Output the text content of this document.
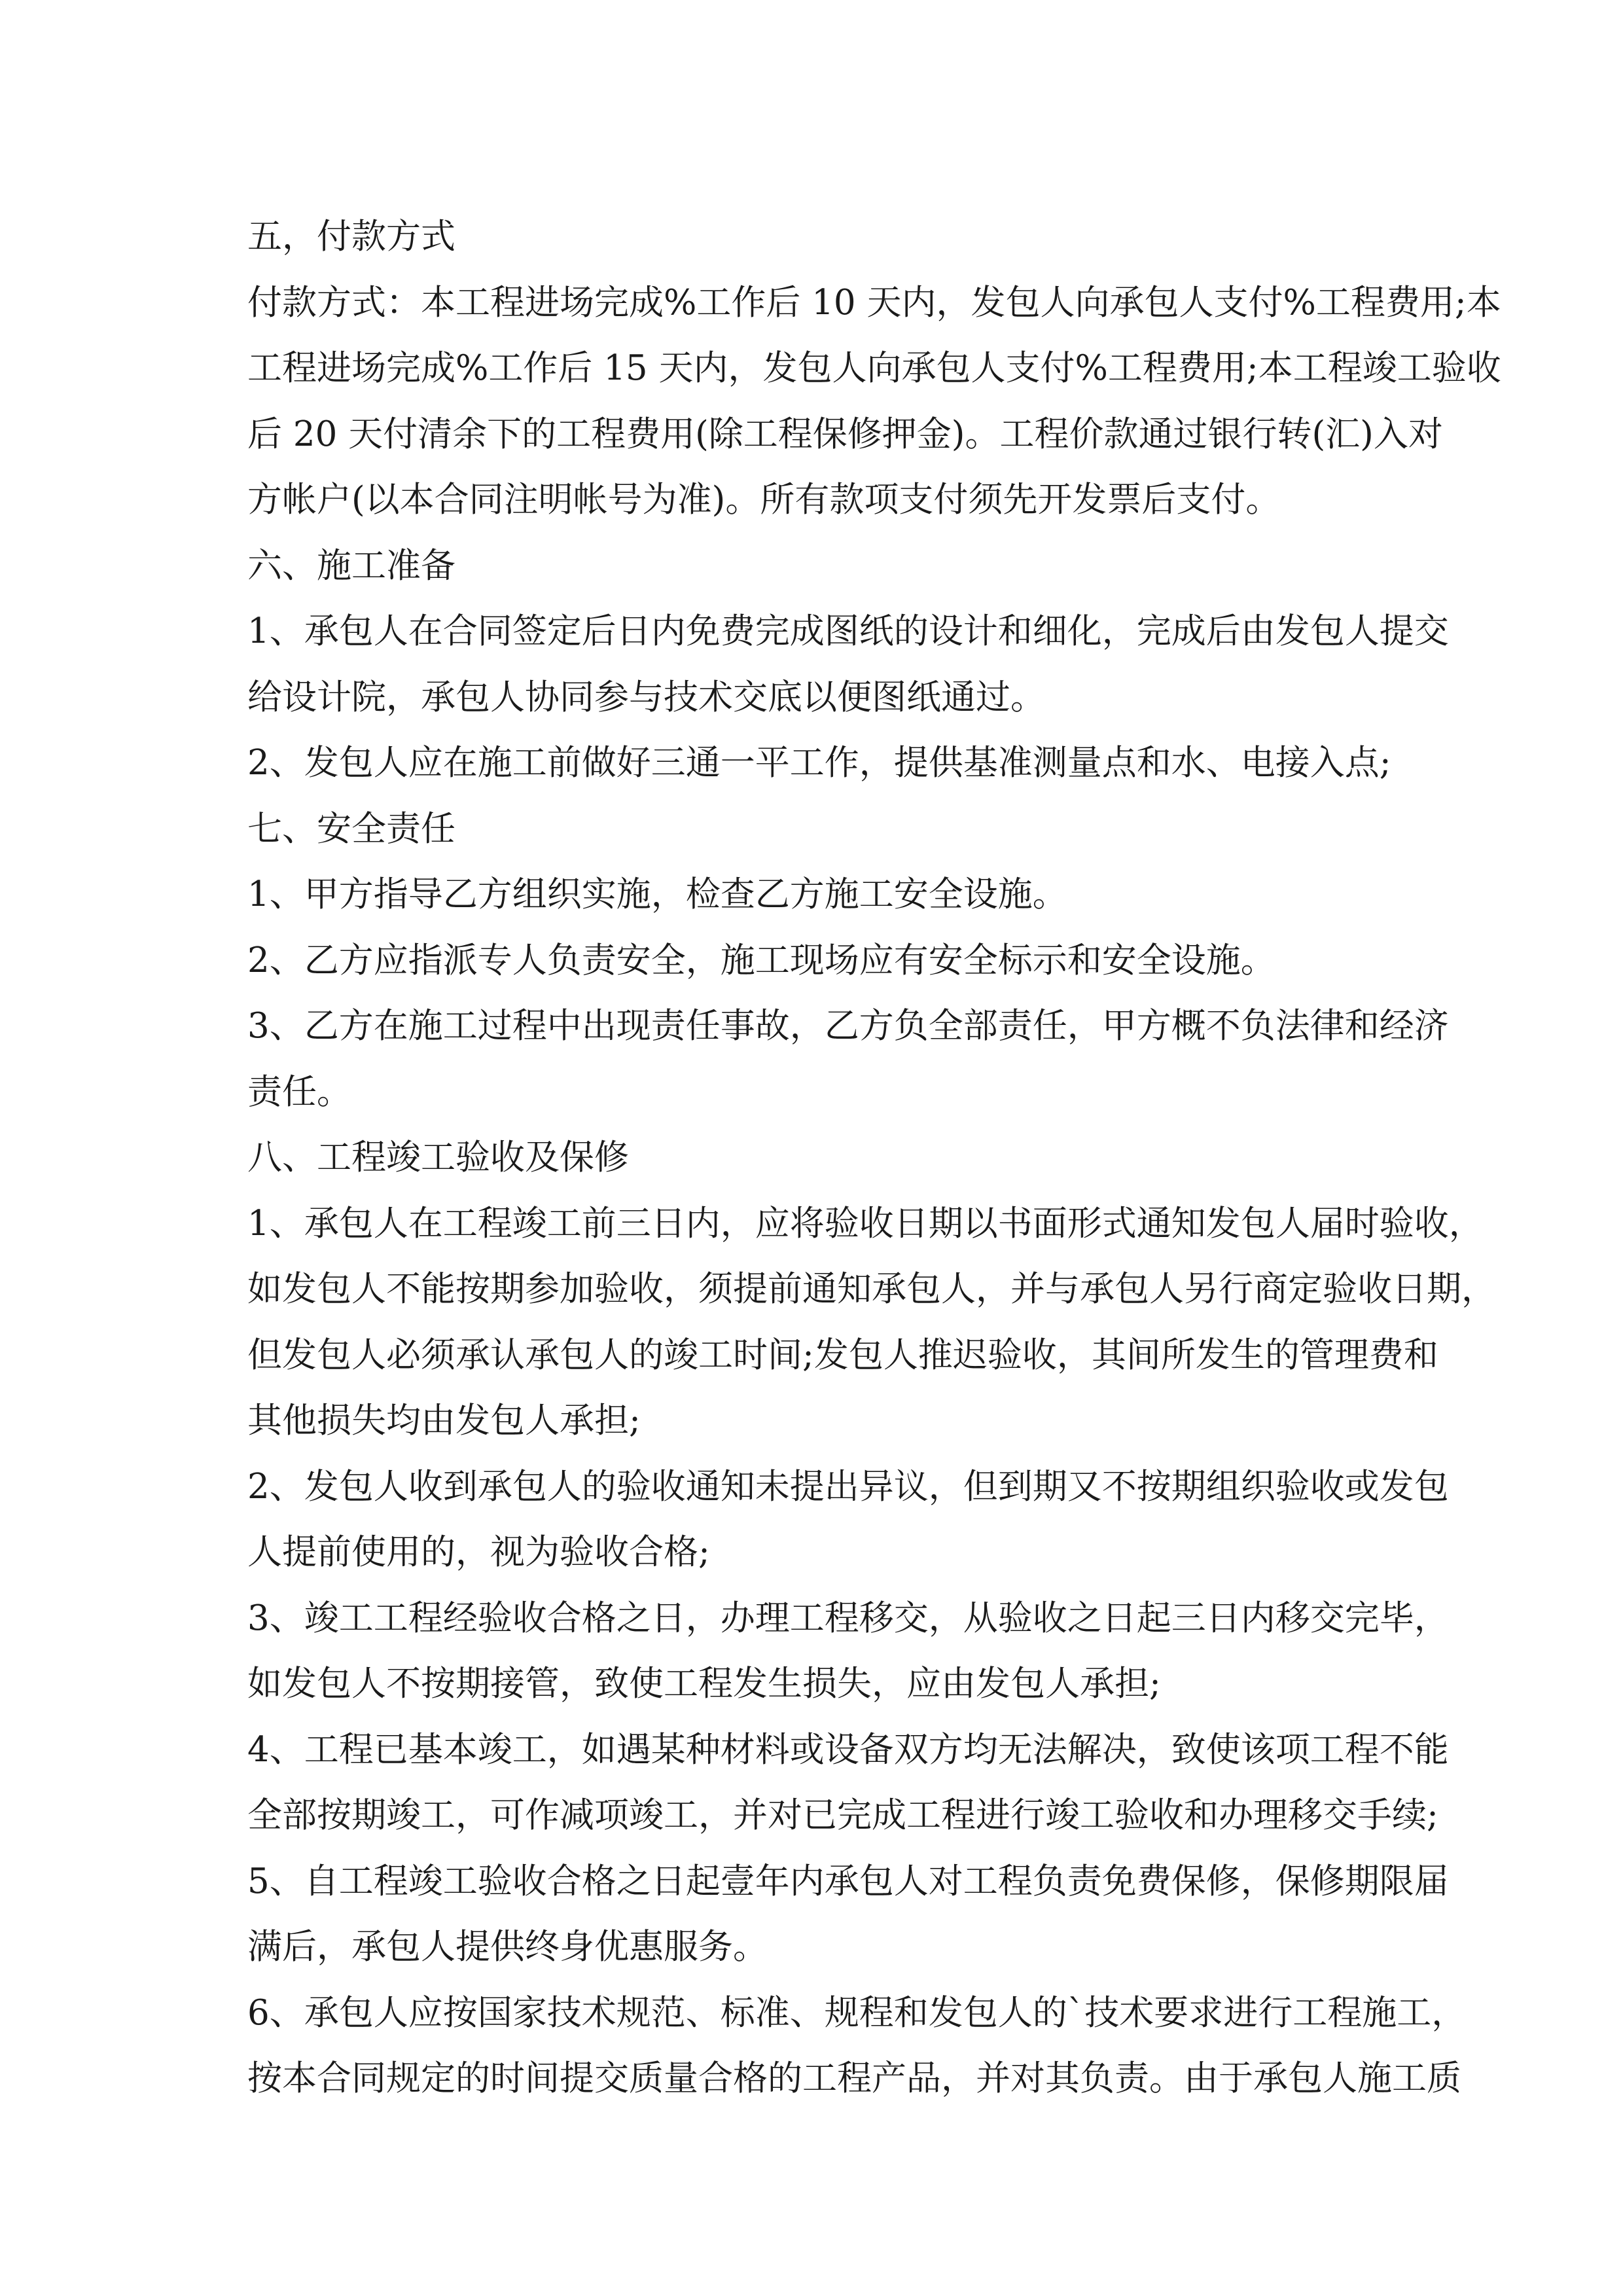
五，付款方式
付款方式：本工程进场完成%工作后 10 天内，发包人向承包人支付%工程费用;本
工程进场完成%工作后 15 天内，发包人向承包人支付%工程费用;本工程竣工验收
后 20 天付清余下的工程费用(除工程保修押金)。工程价款通过银行转(汇)入对
方帐户(以本合同注明帐号为准)。所有款项支付须先开发票后支付。
六、施工准备
1、承包人在合同签定后日内免费完成图纸的设计和细化，完成后由发包人提交
给设计院，承包人协同参与技术交底以便图纸通过。
2、发包人应在施工前做好三通一平工作，提供基准测量点和水、电接入点;
七、安全责任
1、甲方指导乙方组织实施，检查乙方施工安全设施。
2、乙方应指派专人负责安全，施工现场应有安全标示和安全设施。
3、乙方在施工过程中出现责任事故，乙方负全部责任，甲方概不负法律和经济
责任。
八、工程竣工验收及保修
1、承包人在工程竣工前三日内，应将验收日期以书面形式通知发包人届时验收，
如发包人不能按期参加验收，须提前通知承包人，并与承包人另行商定验收日期，
但发包人必须承认承包人的竣工时间;发包人推迟验收，其间所发生的管理费和
其他损失均由发包人承担;
2、发包人收到承包人的验收通知未提出异议，但到期又不按期组织验收或发包
人提前使用的，视为验收合格;
3、竣工工程经验收合格之日，办理工程移交，从验收之日起三日内移交完毕，
如发包人不按期接管，致使工程发生损失，应由发包人承担;
4、工程已基本竣工，如遇某种材料或设备双方均无法解决，致使该项工程不能
全部按期竣工，可作减项竣工，并对已完成工程进行竣工验收和办理移交手续;
5、自工程竣工验收合格之日起壹年内承包人对工程负责免费保修，保修期限届
满后，承包人提供终身优惠服务。
6、承包人应按国家技术规范、标准、规程和发包人的`技术要求进行工程施工，
按本合同规定的时间提交质量合格的工程产品，并对其负责。由于承包人施工质
